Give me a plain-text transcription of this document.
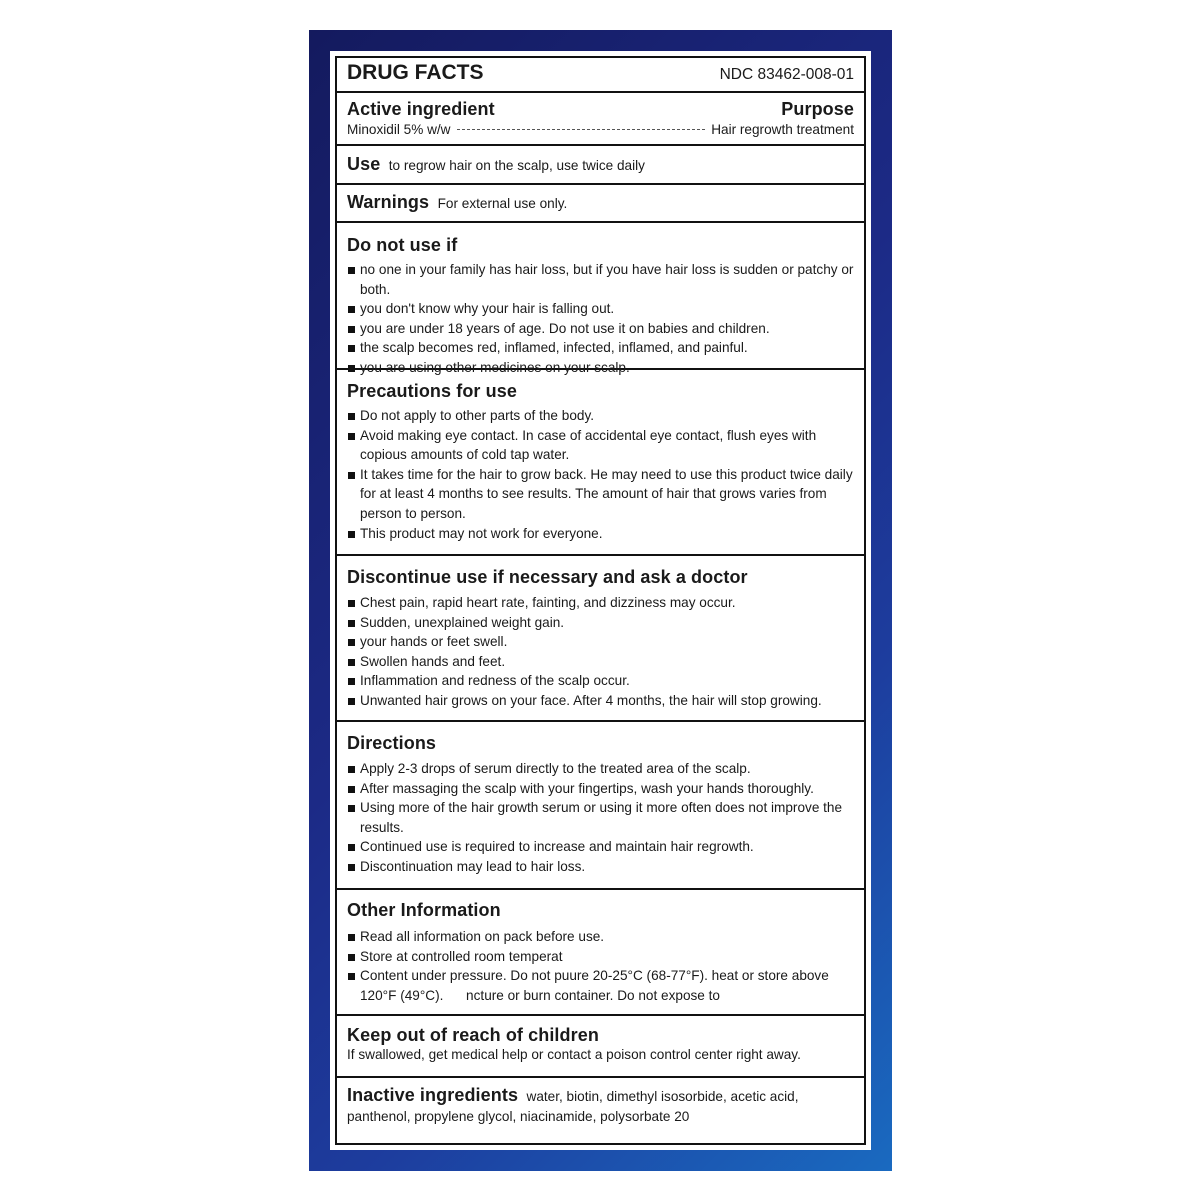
DRUG FACTS	NDC 83462-008-01
Active ingredient	Purpose
Minoxidil 5% w/w	Hair regrowth treatment
Use to regrow hair on the scalp, use twice daily
Warnings For external use only.
Do not use if
no one in your family has hair loss, but if you have hair loss is sudden or patchy or both.
you don't know why your hair is falling out.
you are under 18 years of age. Do not use it on babies and children.
the scalp becomes red, inflamed, infected, inflamed, and painful.
you are using other medicines on your scalp.
Precautions for use
Do not apply to other parts of the body.
Avoid making eye contact. In case of accidental eye contact, flush eyes with copious amounts of cold tap water.
It takes time for the hair to grow back. He may need to use this product twice daily for at least 4 months to see results. The amount of hair that grows varies from person to person.
This product may not work for everyone.
Discontinue use if necessary and ask a doctor
Chest pain, rapid heart rate, fainting, and dizziness may occur.
Sudden, unexplained weight gain.
your hands or feet swell.
Swollen hands and feet.
Inflammation and redness of the scalp occur.
Unwanted hair grows on your face. After 4 months, the hair will stop growing.
Directions
Apply 2-3 drops of serum directly to the treated area of the scalp.
After massaging the scalp with your fingertips, wash your hands thoroughly.
Using more of the hair growth serum or using it more often does not improve the results.
Continued use is required to increase and maintain hair regrowth.
Discontinuation may lead to hair loss.
Other Information
Read all information on pack before use.
Store at controlled room temperat
Content under pressure. Do not puure 20-25°C (68-77°F). heat or store above 120°F (49°C).      ncture or burn container. Do not expose to
Keep out of reach of children
If swallowed, get medical help or contact a poison control center right away.
Inactive ingredients water, biotin, dimethyl isosorbide, acetic acid, panthenol, propylene glycol, niacinamide, polysorbate 20
